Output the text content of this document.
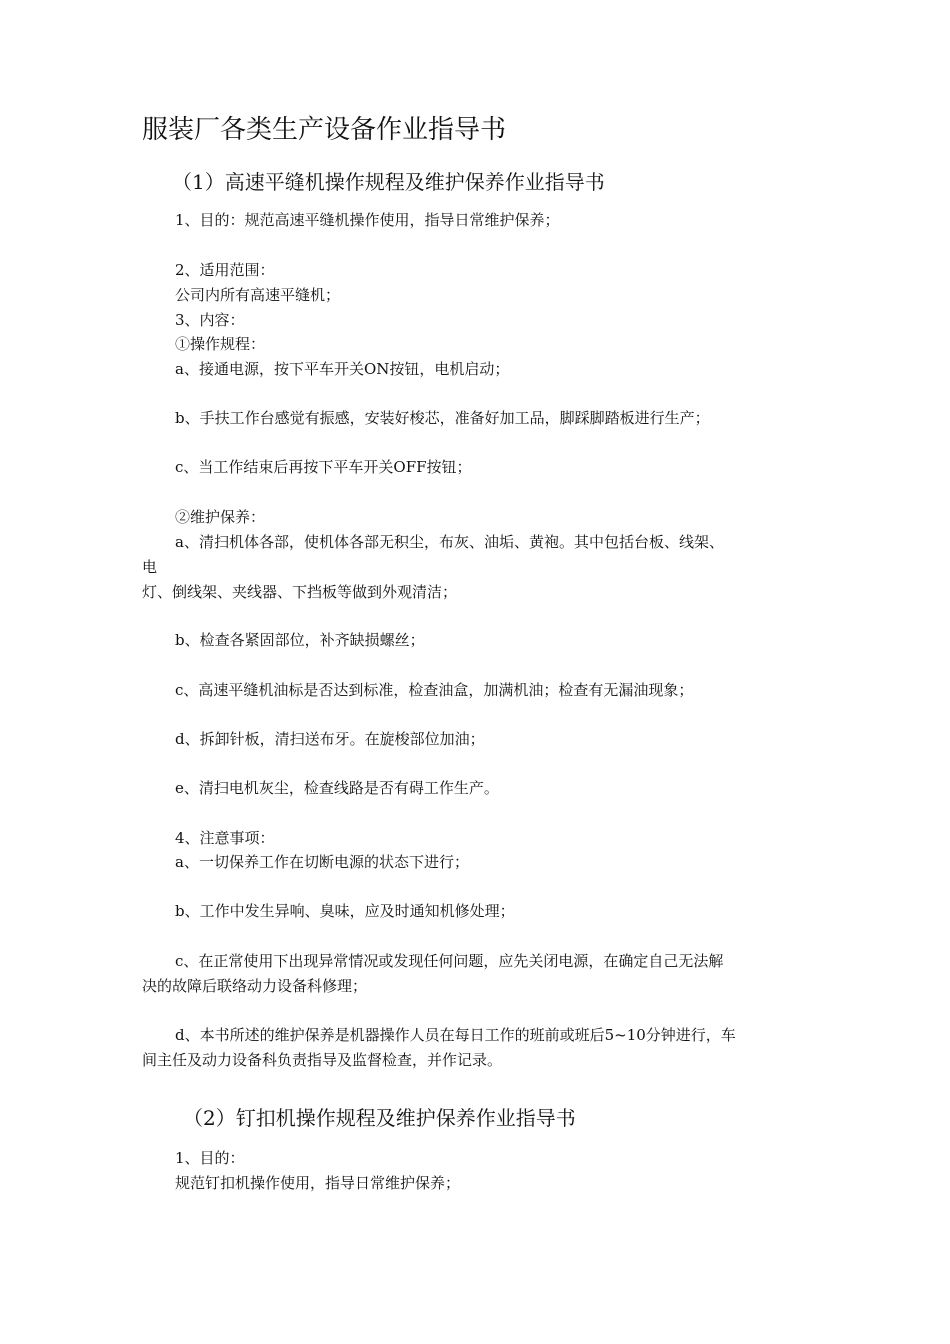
服装厂各类生产设备作业指导书
（1）高速平缝机操作规程及维护保养作业指导书
1、目的：规范高速平缝机操作使用，指导日常维护保养；
2、适用范围：
公司内所有高速平缝机；
3、内容：
①操作规程：
a、接通电源，按下平车开关ON按钮，电机启动；
b、手扶工作台感觉有振感，安装好梭芯，准备好加工品，脚踩脚踏板进行生产；
c、当工作结束后再按下平车开关OFF按钮；
②维护保养：
a、清扫机体各部，使机体各部无积尘，布灰、油垢、黄袍。其中包括台板、线架、
电
灯、倒线架、夹线器、下挡板等做到外观清洁；
b、检查各紧固部位，补齐缺损螺丝；
c、高速平缝机油标是否达到标准，检查油盒，加满机油；检查有无漏油现象；
d、拆卸针板，清扫送布牙。在旋梭部位加油；
e、清扫电机灰尘，检查线路是否有碍工作生产。
4、注意事项：
a、一切保养工作在切断电源的状态下进行；
b、工作中发生异响、臭味，应及时通知机修处理；
c、在正常使用下出现异常情况或发现任何问题，应先关闭电源，在确定自己无法解
决的故障后联络动力设备科修理；
d、本书所述的维护保养是机器操作人员在每日工作的班前或班后5~10分钟进行，车
间主任及动力设备科负责指导及监督检查，并作记录。
（2）钉扣机操作规程及维护保养作业指导书
1、目的：
规范钉扣机操作使用，指导日常维护保养；
